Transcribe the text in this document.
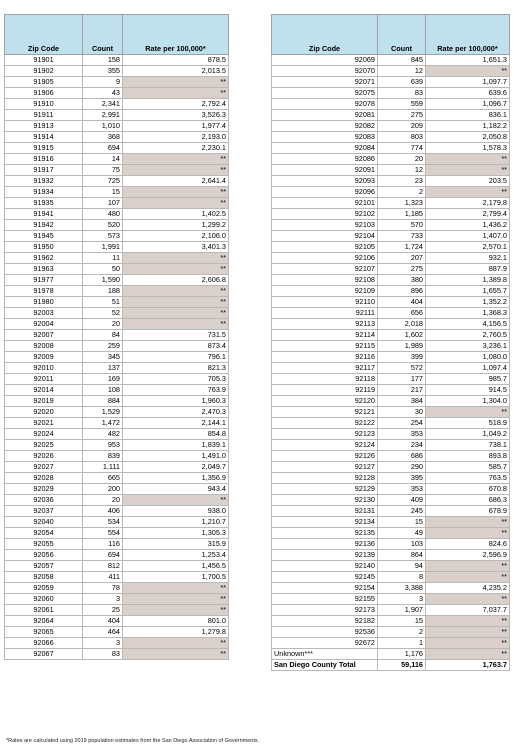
Zip Code	Count	Rate per 100,000*
91901	158	878.5
91902	355	2,013.5
91905	9	**
91906	43	**
91910	2,341	2,792.4
91911	2,991	3,526.3
91913	1,010	1,977.4
91914	368	2,193.0
91915	694	2,230.1
91916	14	**
91917	75	**
91932	725	2,641.4
91934	15	**
91935	107	**
91941	480	1,402.5
91942	520	1,299.2
91945	573	2,106.0
91950	1,991	3,401.3
91962	11	**
91963	50	**
91977	1,590	2,606.8
91978	188	**
91980	51	**
92003	52	**
92004	20	**
92007	84	731.5
92008	259	873.4
92009	345	796.1
92010	137	821.3
92011	169	705.3
92014	108	763.9
92019	884	1,960.3
92020	1,529	2,470.3
92021	1,472	2,144.1
92024	482	854.8
92025	953	1,839.1
92026	839	1,491.0
92027	1,111	2,049.7
92028	665	1,356.9
92029	200	943.4
92036	20	**
92037	406	938.0
92040	534	1,210.7
92054	554	1,305.3
92055	116	315.9
92056	694	1,253.4
92057	812	1,456.5
92058	411	1,700.5
92059	78	**
92060	3	**
92061	25	**
92064	404	801.0
92065	464	1,279.8
92066	3	**
92067	83	**
Zip Code	Count	Rate per 100,000*
92069	845	1,651.3
92070	12	**
92071	639	1,097.7
92075	83	639.6
92078	559	1,096.7
92081	275	836.1
92082	209	1,182.2
92083	803	2,050.8
92084	774	1,578.3
92086	20	**
92091	12	**
92093	23	203.5
92096	2	**
92101	1,323	2,179.8
92102	1,185	2,799.4
92103	570	1,436.2
92104	733	1,407.0
92105	1,724	2,570.1
92106	207	932.1
92107	275	887.9
92108	380	1,389.8
92109	896	1,655.7
92110	404	1,352.2
92111	656	1,368.3
92113	2,018	4,156.5
92114	1,602	2,760.5
92115	1,989	3,236.1
92116	399	1,080.0
92117	572	1,097.4
92118	177	985.7
92119	217	914.5
92120	384	1,304.0
92121	30	**
92122	254	518.9
92123	353	1,049.2
92124	234	738.1
92126	686	893.8
92127	290	585.7
92128	395	763.5
92129	353	670.8
92130	409	686.3
92131	245	678.9
92134	15	**
92135	49	**
92136	103	824.6
92139	864	2,596.9
92140	94	**
92145	8	**
92154	3,388	4,235.2
92155	3	**
92173	1,907	7,037.7
92182	15	**
92536	2	**
92672	1	**
Unknown***	1,176	**
San Diego County Total	59,116	1,763.7
*Rates are calculated using 2019 population estimates from the San Diego Association of Governments.
